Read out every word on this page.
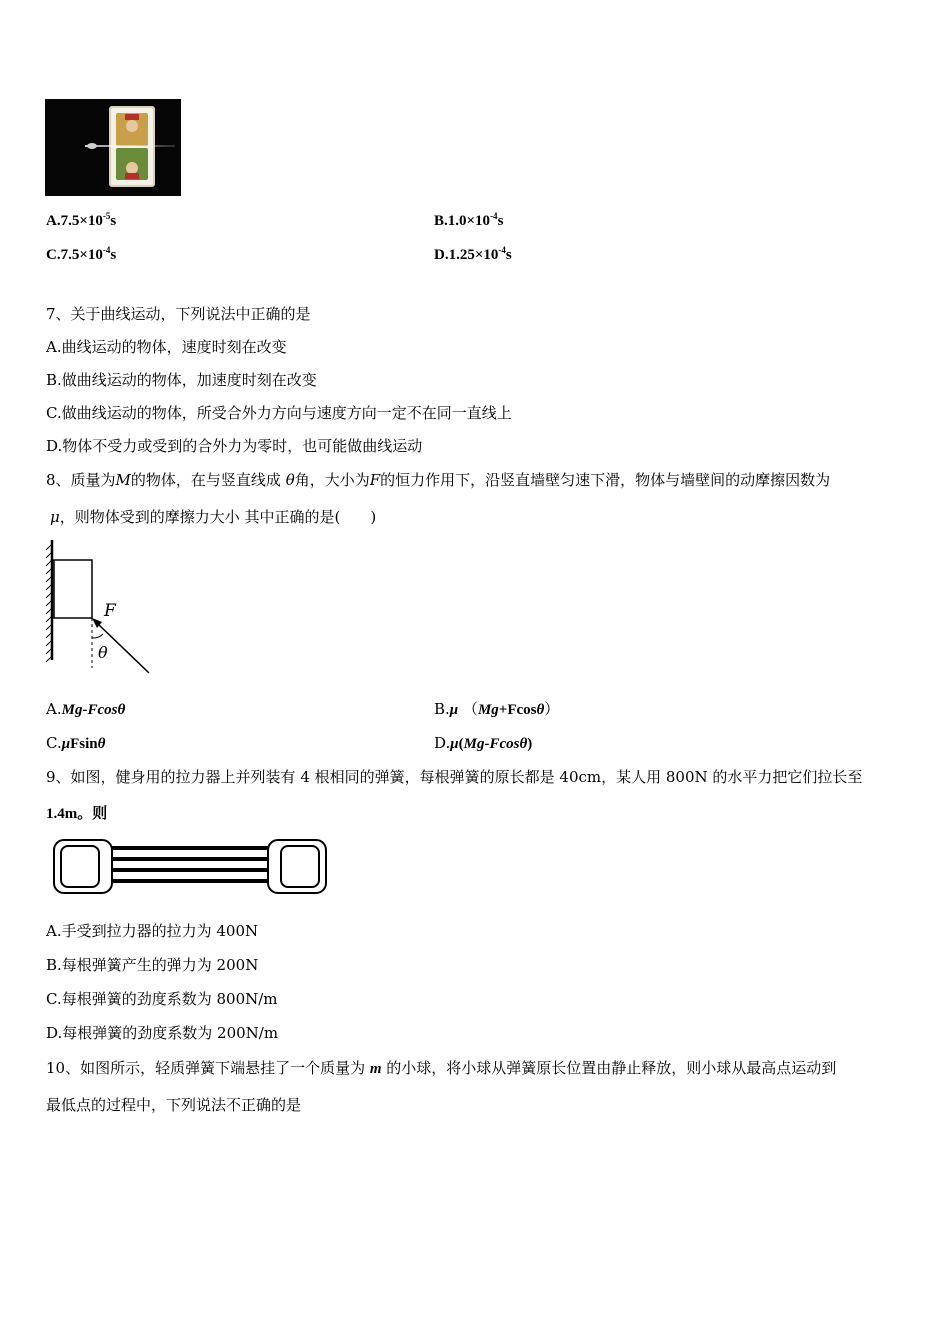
$A.7.5\times 10^{-5}s$	$B.1.0\times 10^{-4}s$
$C.7.5\times 10^{-4}s$	$D.1.25\times 10^{-4}s$
7、关于曲线运动，下列说法中正确的是
A.曲线运动的物体，速度时刻在改变
B.做曲线运动的物体，加速度时刻在改变
C.做曲线运动的物体，所受合外力方向与速度方向一定不在同一直线上
D.物体不受力或受到的合外力为零时，也可能做曲线运动
8、质量为M的物体，在与竖直线成 θ角，大小为F的恒力作用下，沿竖直墙壁匀速下滑，物体与墙壁间的动摩擦因数为
μ，则物体受到的摩擦力大小 其中正确的是(　　)
F
θ
A.Mg-Fcosθ	B.μ （Mg+Fcosθ）
C.μFsinθ	D.μ(Mg-Fcosθ)
9、如图，健身用的拉力器上并列装有 4 根相同的弹簧，每根弹簧的原长都是 40cm，某人用 800N 的水平力把它们拉长至
1.4m。则
A.手受到拉力器的拉力为 400N
B.每根弹簧产生的弹力为 200N
C.每根弹簧的劲度系数为 800N/m
D.每根弹簧的劲度系数为 200N/m
10、如图所示，轻质弹簧下端悬挂了一个质量为 m 的小球，将小球从弹簧原长位置由静止释放，则小球从最高点运动到
最低点的过程中，下列说法不正确的是
